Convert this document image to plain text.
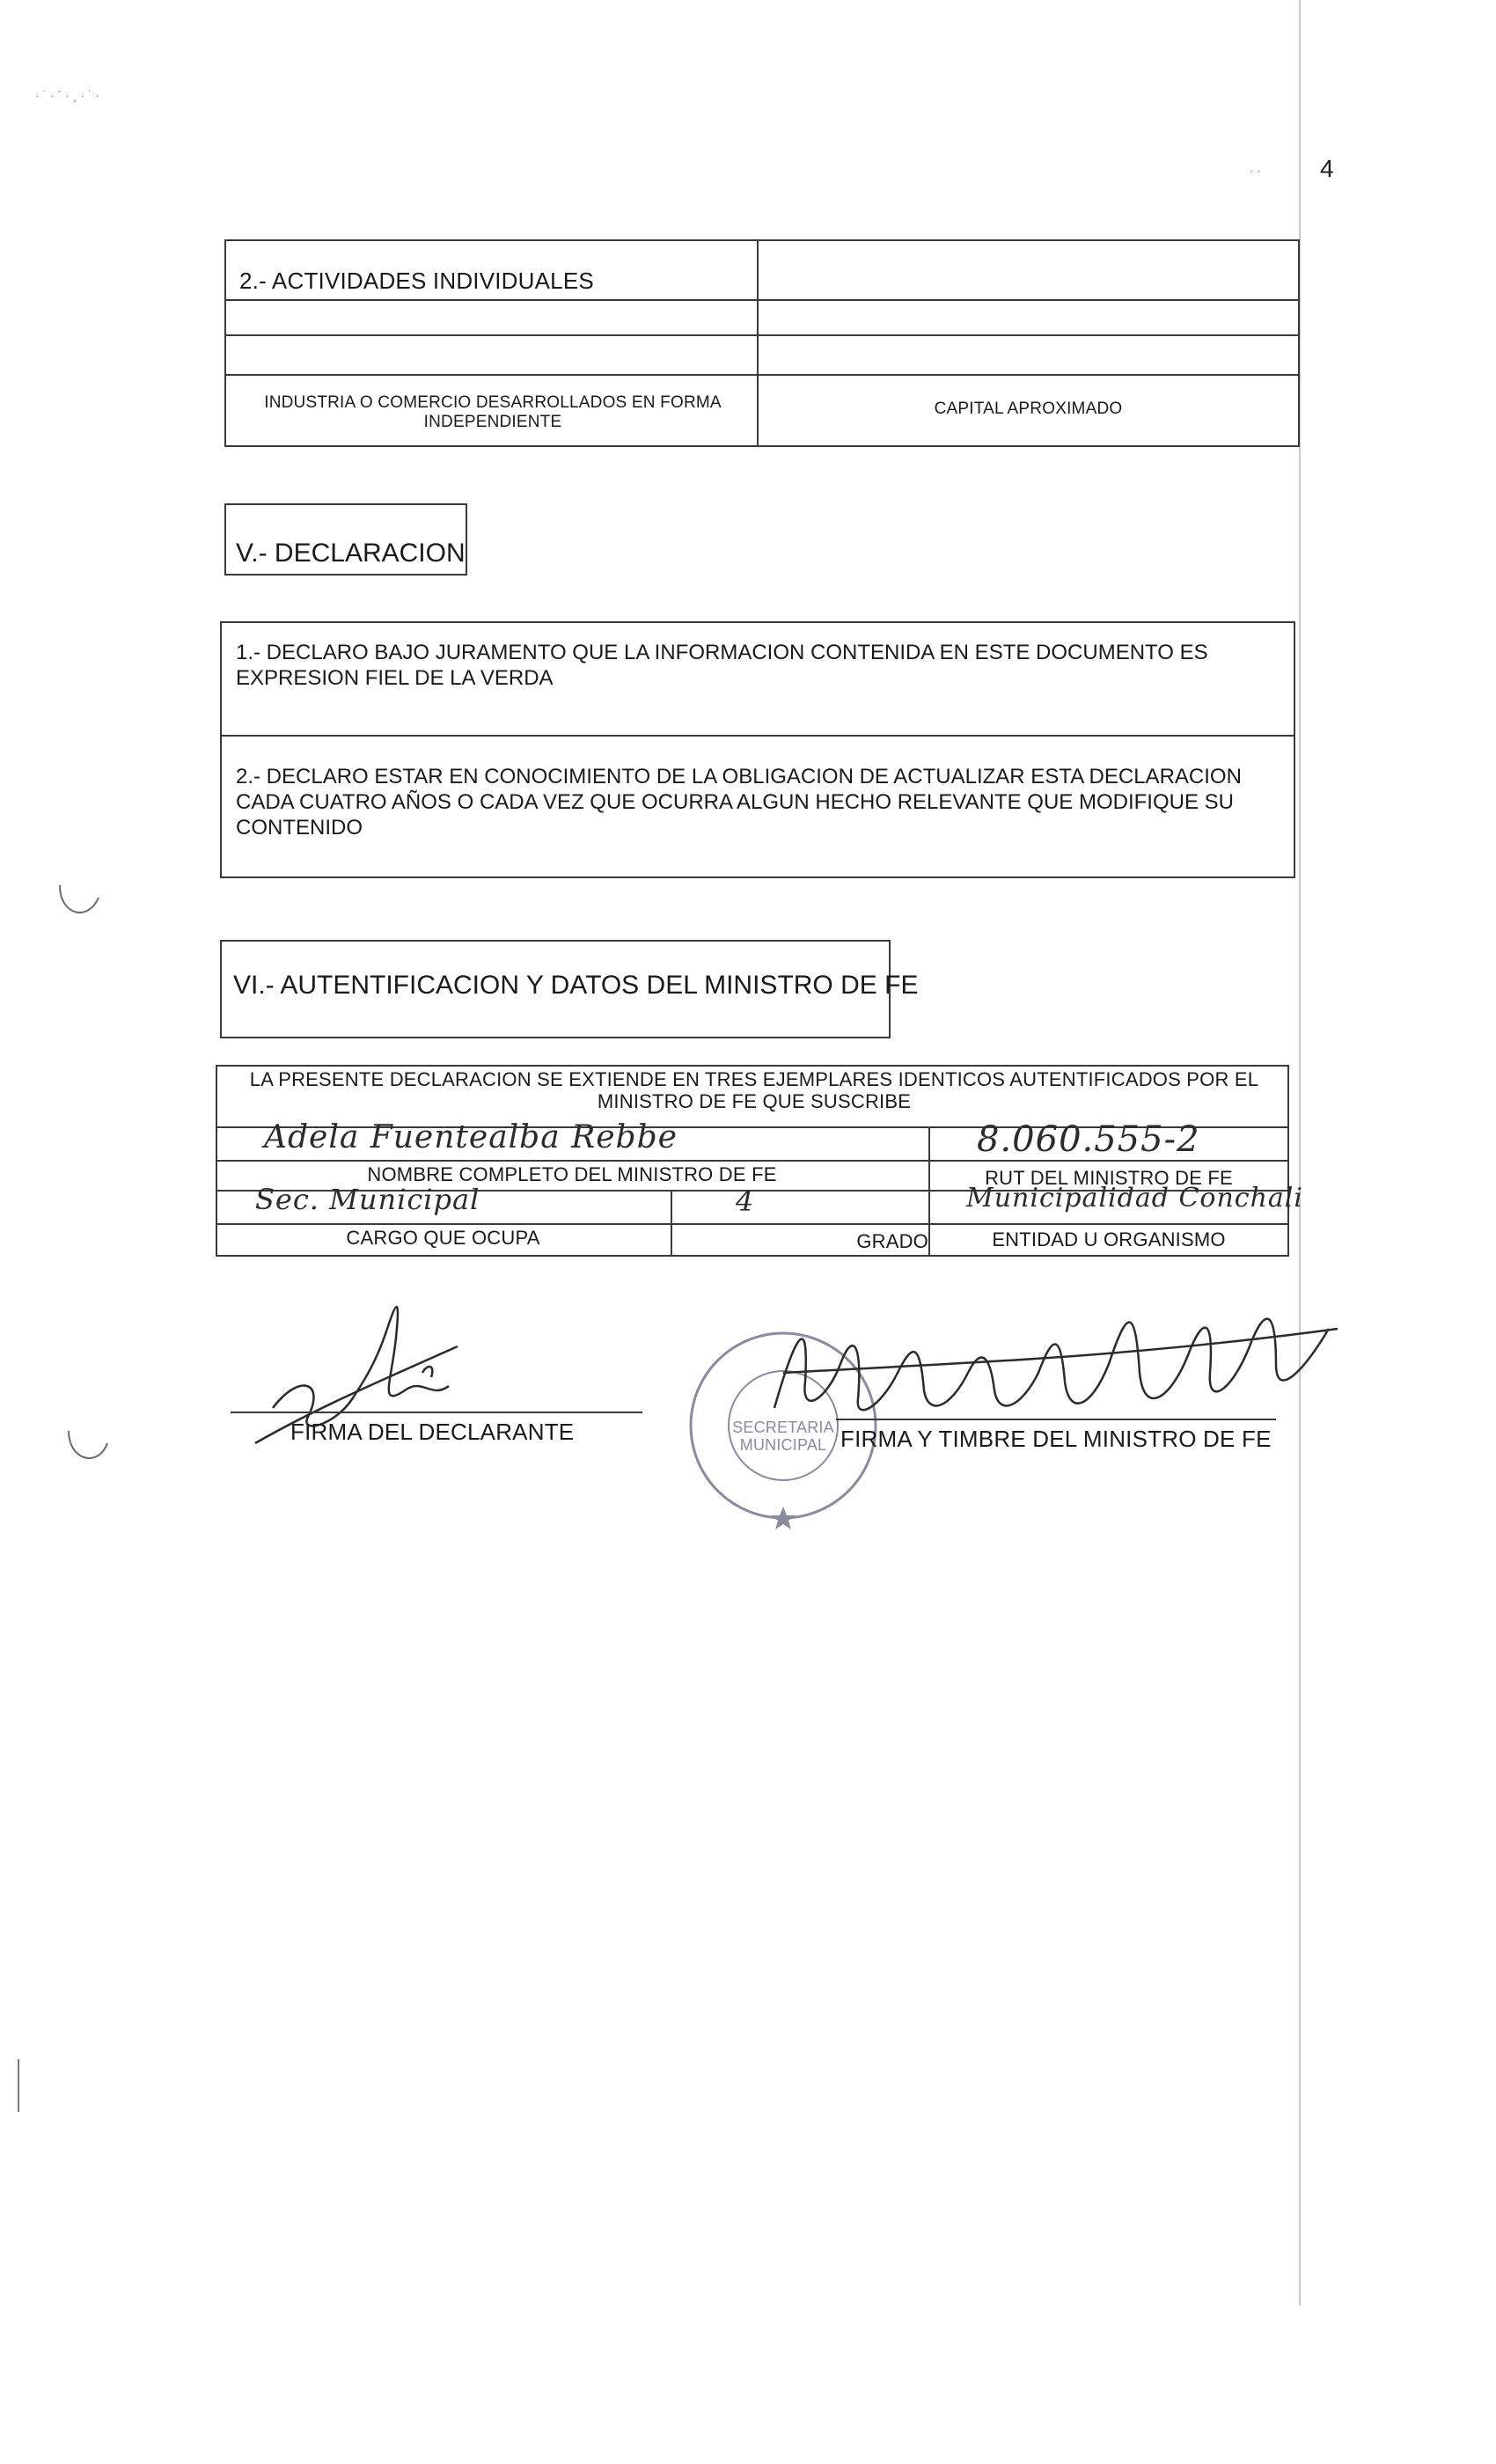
· ˙ · ´ · ¸ · ˙ ·
ˎ ˎ 4
2.- ACTIVIDADES INDIVIDUALES
INDUSTRIA O COMERCIO DESARROLLADOS EN FORMA INDEPENDIENTE
CAPITAL APROXIMADO
V.- DECLARACION
1.- DECLARO BAJO JURAMENTO QUE LA INFORMACION CONTENIDA EN ESTE DOCUMENTO ES EXPRESION FIEL DE LA VERDA
2.- DECLARO ESTAR EN CONOCIMIENTO DE LA OBLIGACION DE ACTUALIZAR ESTA DECLARACION CADA CUATRO AÑOS O CADA VEZ QUE OCURRA ALGUN HECHO RELEVANTE QUE MODIFIQUE SU CONTENIDO
VI.- AUTENTIFICACION Y DATOS DEL MINISTRO DE FE
LA PRESENTE DECLARACION SE EXTIENDE EN TRES EJEMPLARES IDENTICOS AUTENTIFICADOS POR EL MINISTRO DE FE QUE SUSCRIBE
Adela Fuentealba Rebbe
NOMBRE COMPLETO DEL MINISTRO DE FE
8.060.555-2
RUT DEL MINISTRO DE FE
Sec. Municipal
CARGO QUE OCUPA
4
GRADO
Municipalidad Conchali
ENTIDAD U ORGANISMO
FIRMA DEL DECLARANTE	SECRETARIA MUNICIPAL FIRMA Y TIMBRE DEL MINISTRO DE FE
